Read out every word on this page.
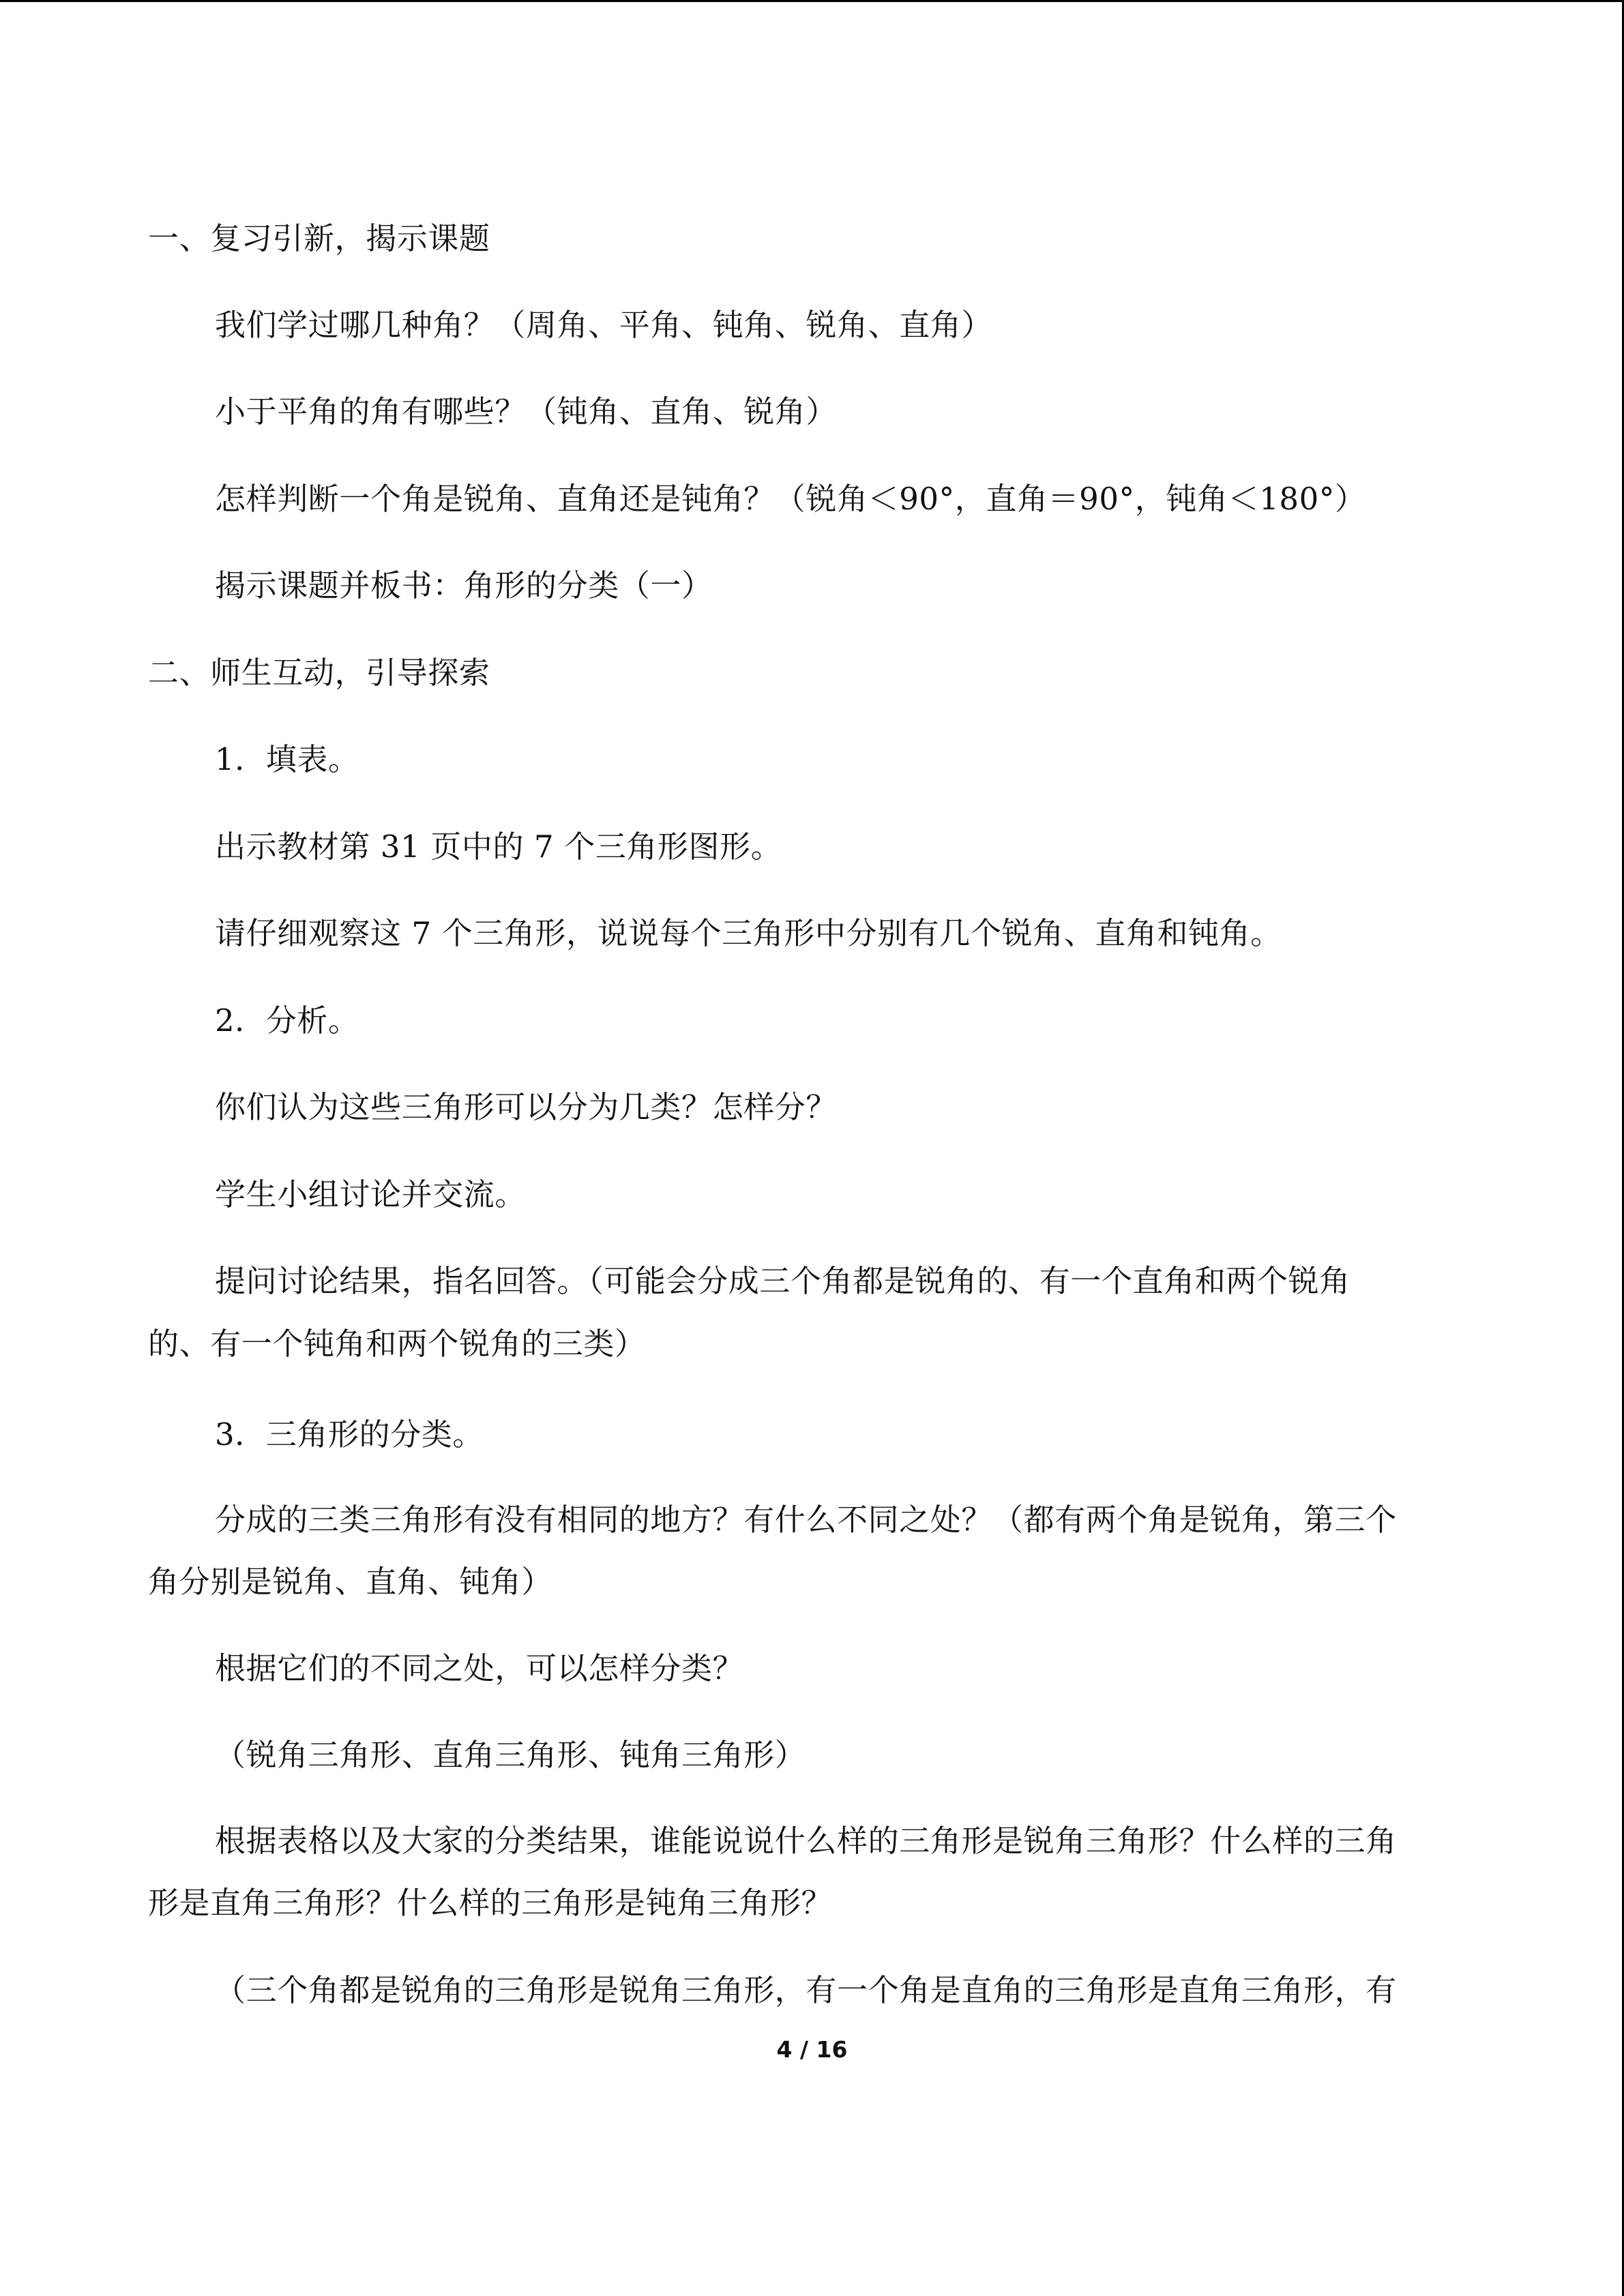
一、复习引新，揭示课题
我们学过哪几种角？（周角、平角、钝角、锐角、直角）
小于平角的角有哪些？（钝角、直角、锐角）
怎样判断一个角是锐角、直角还是钝角？（锐角＜90°，直角＝90°，钝角＜180°）
揭示课题并板书：角形的分类（一）
二、师生互动，引导探索
1．填表。
出示教材第 31 页中的 7 个三角形图形。
请仔细观察这 7 个三角形，说说每个三角形中分别有几个锐角、直角和钝角。
2．分析。
你们认为这些三角形可以分为几类？怎样分？
学生小组讨论并交流。
提问讨论结果，指名回答。（可能会分成三个角都是锐角的、有一个直角和两个锐角
的、有一个钝角和两个锐角的三类）
3．三角形的分类。
分成的三类三角形有没有相同的地方？有什么不同之处？（都有两个角是锐角，第三个
角分别是锐角、直角、钝角）
根据它们的不同之处，可以怎样分类？
（锐角三角形、直角三角形、钝角三角形）
根据表格以及大家的分类结果，谁能说说什么样的三角形是锐角三角形？什么样的三角
形是直角三角形？什么样的三角形是钝角三角形？
（三个角都是锐角的三角形是锐角三角形，有一个角是直角的三角形是直角三角形，有
4 / 16
